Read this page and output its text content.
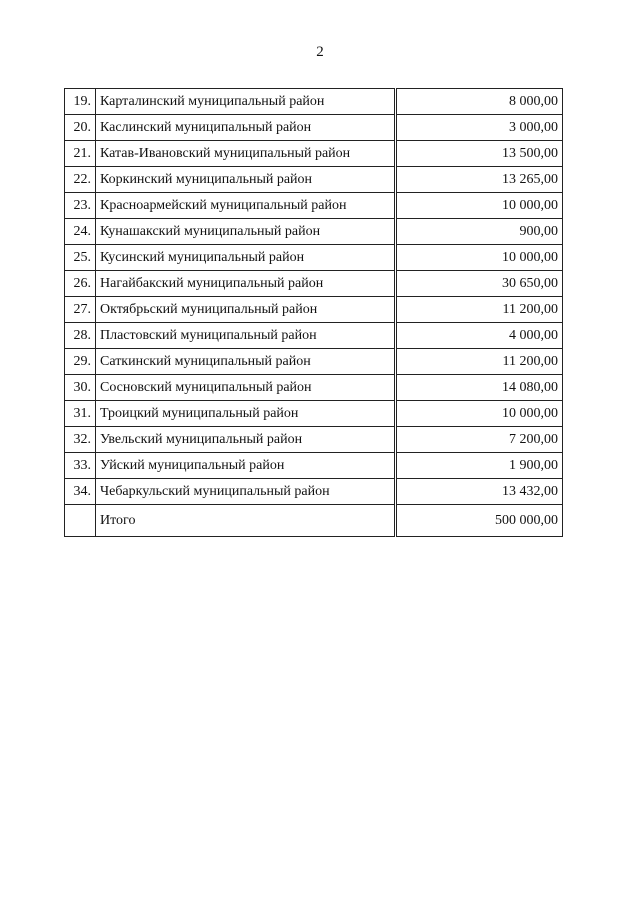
2
19.	Карталинский муниципальный район	8 000,00
20.	Каслинский муниципальный район	3 000,00
21.	Катав-Ивановский муниципальный район	13 500,00
22.	Коркинский муниципальный район	13 265,00
23.	Красноармейский муниципальный район	10 000,00
24.	Кунашакский муниципальный район	900,00
25.	Кусинский муниципальный район	10 000,00
26.	Нагайбакский муниципальный район	30 650,00
27.	Октябрьский муниципальный район	11 200,00
28.	Пластовский муниципальный район	4 000,00
29.	Саткинский муниципальный район	11 200,00
30.	Сосновский муниципальный район	14 080,00
31.	Троицкий муниципальный район	10 000,00
32.	Увельский муниципальный район	7 200,00
33.	Уйский муниципальный район	1 900,00
34.	Чебаркульский муниципальный район	13 432,00
	Итого	500 000,00
